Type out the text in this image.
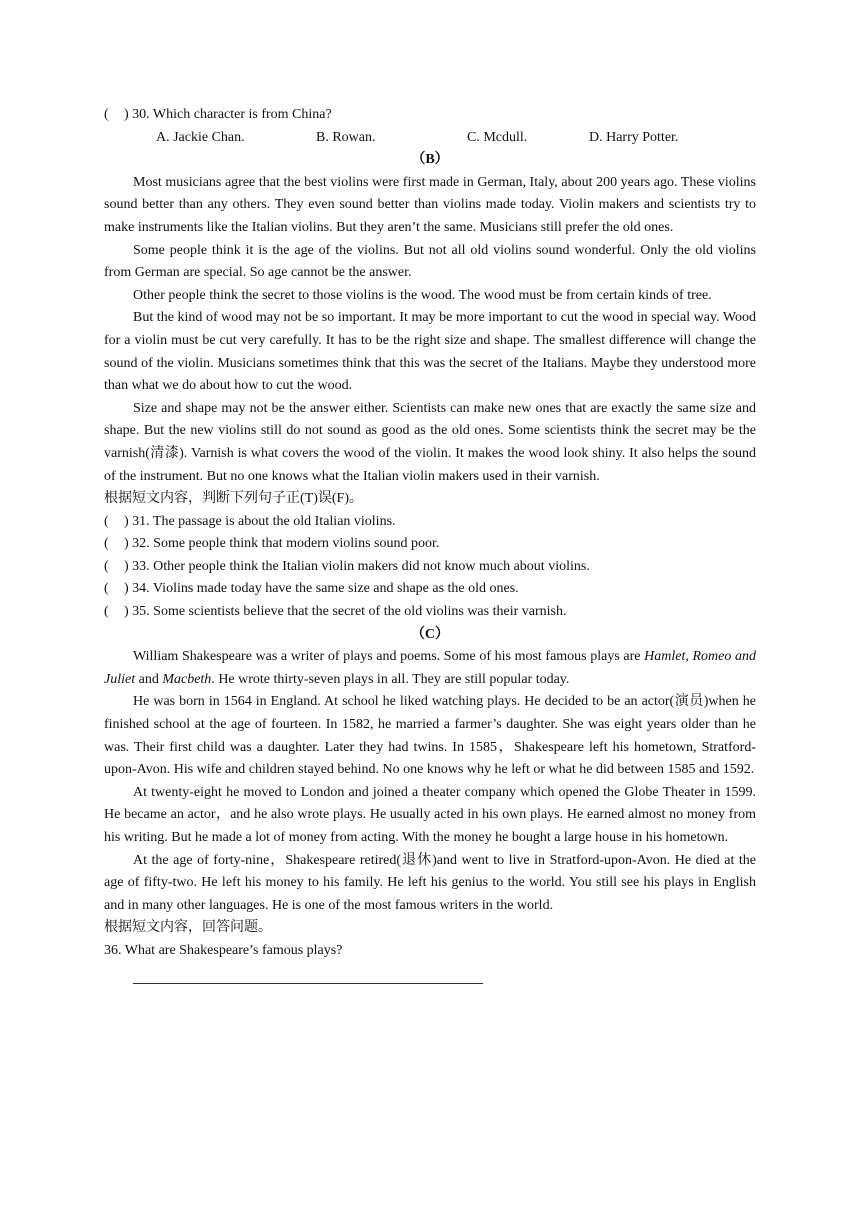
(	) 30. Which character is from China?
A. Jackie Chan.	B. Rowan.	C. Mcdull.	D. Harry Potter.
（B）

Most musicians agree that the best violins were first made in German, Italy, about 200 years ago. These violins sound better than any others. They even sound better than violins made today. Violin makers and scientists try to make instruments like the Italian violins. But they aren’t the same. Musicians still prefer the old ones.

Some people think it is the age of the violins. But not all old violins sound wonderful. Only the old violins from German are special. So age cannot be the answer.

Other people think the secret to those violins is the wood. The wood must be from certain kinds of tree.

But the kind of wood may not be so important. It may be more important to cut the wood in special way. Wood for a violin must be cut very carefully. It has to be the right size and shape. The smallest difference will change the sound of the violin. Musicians sometimes think that this was the secret of the Italians. Maybe they understood more than what we do about how to cut the wood.

Size and shape may not be the answer either. Scientists can make new ones that are exactly the same size and shape. But the new violins still do not sound as good as the old ones. Some scientists think the secret may be the varnish(清漆). Varnish is what covers the wood of the violin. It makes the wood look shiny. It also helps the sound of the instrument. But no one knows what the Italian violin makers used in their varnish.

根据短文内容，判断下列句子正(T)误(F)。
(	) 31. The passage is about the old Italian violins.
(	) 32. Some people think that modern violins sound poor.
(	) 33. Other people think the Italian violin makers did not know much about violins.
(	) 34. Violins made today have the same size and shape as the old ones.
(	) 35. Some scientists believe that the secret of the old violins was their varnish.
（C）

William Shakespeare was a writer of plays and poems. Some of his most famous plays are Hamlet, Romeo and Juliet and Macbeth. He wrote thirty-seven plays in all. They are still popular today.

He was born in 1564 in England. At school he liked watching plays. He decided to be an actor(演员)when he finished school at the age of fourteen. In 1582, he married a farmer’s daughter. She was eight years older than he was. Their first child was a daughter. Later they had twins. In 1585，Shakespeare left his hometown, Stratford-upon-Avon. His wife and children stayed behind. No one knows why he left or what he did between 1585 and 1592.

At twenty-eight he moved to London and joined a theater company which opened the Globe Theater in 1599. He became an actor，and he also wrote plays. He usually acted in his own plays. He earned almost no money from his writing. But he made a lot of money from acting. With the money he bought a large house in his hometown.

At the age of forty-nine，Shakespeare retired(退休)and went to live in Stratford-upon-Avon. He died at the age of fifty-two. He left his money to his family. He left his genius to the world. You still see his plays in English and in many other languages. He is one of the most famous writers in the world.

根据短文内容，回答问题。
36. What are Shakespeare’s famous plays?
